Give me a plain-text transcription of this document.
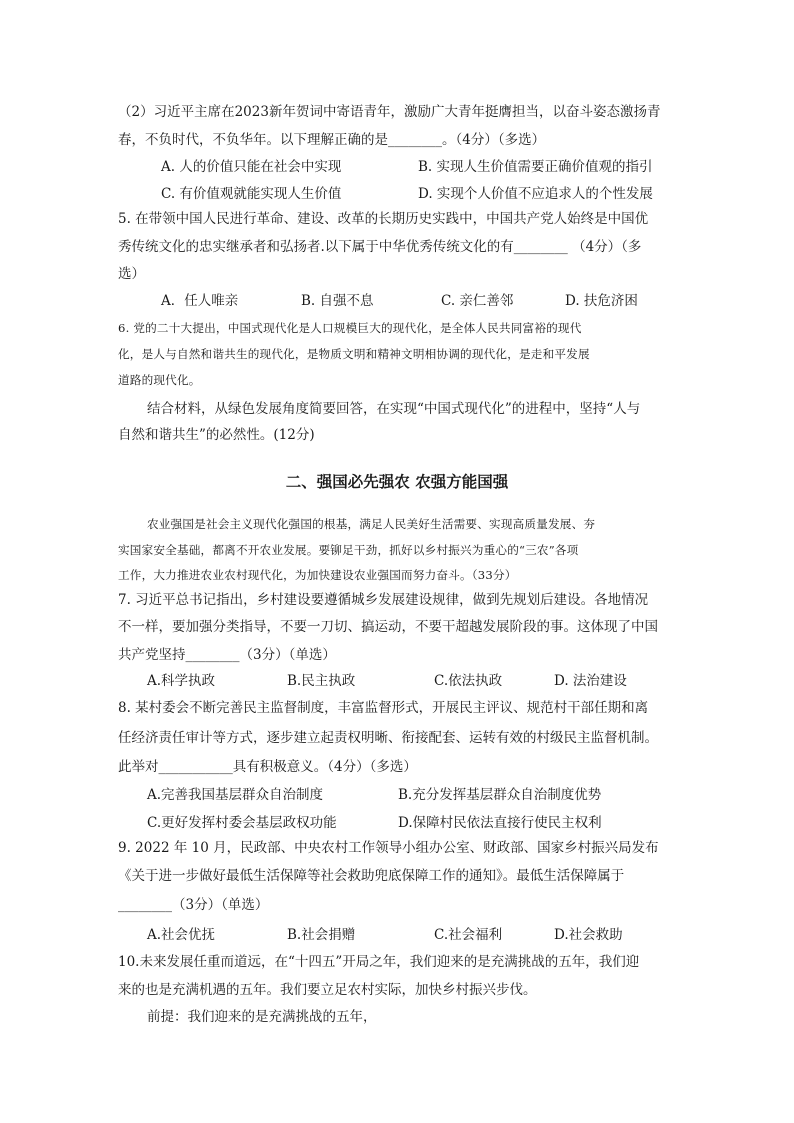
（2）习近平主席在2023新年贺词中寄语青年，激励广大青年挺膺担当，以奋斗姿态激扬青
春，不负时代，不负华年。以下理解正确的是________。（4分）（多选）
A. 人的价值只能在社会中实现	B. 实现人生价值需要正确价值观的指引
C. 有价值观就能实现人生价值	D. 实现个人价值不应追求人的个性发展
5. 在带领中国人民进行革命、建设、改革的长期历史实践中，中国共产党人始终是中国优
秀传统文化的忠实继承者和弘扬者.以下属于中华优秀传统文化的有________ （4分）（多
选）
A．任人唯亲	B. 自强不息	C. 亲仁善邻	D. 扶危济困
6. 党的二十大提出，中国式现代化是人口规模巨大的现代化，是全体人民共同富裕的现代
化，是人与自然和谐共生的现代化，是物质文明和精神文明相协调的现代化，是走和平发展
道路的现代化。
结合材料，从绿色发展角度简要回答，在实现“中国式现代化”的进程中，坚持“人与
自然和谐共生”的必然性。(12分)
二、强国必先强农 农强方能国强
农业强国是社会主义现代化强国的根基，满足人民美好生活需要、实现高质量发展、夯
实国家安全基础，都离不开农业发展。要铆足干劲，抓好以乡村振兴为重心的“三农”各项
工作，大力推进农业农村现代化，为加快建设农业强国而努力奋斗。（33分）
7. 习近平总书记指出，乡村建设要遵循城乡发展建设规律，做到先规划后建设。各地情况
不一样，要加强分类指导，不要一刀切、搞运动，不要干超越发展阶段的事。这体现了中国
共产党坚持________（3分）（单选）
A.科学执政	B.民主执政	C.依法执政	D. 法治建设
8. 某村委会不断完善民主监督制度，丰富监督形式，开展民主评议、规范村干部任期和离
任经济责任审计等方式，逐步建立起责权明晰、衔接配套、运转有效的村级民主监督机制。
此举对___________具有积极意义。（4分）（多选）
A.完善我国基层群众自治制度	B.充分发挥基层群众自治制度优势
C.更好发挥村委会基层政权功能	D.保障村民依法直接行使民主权利
9. 2022 年 10 月，民政部、中央农村工作领导小组办公室、财政部、国家乡村振兴局发布
《关于进一步做好最低生活保障等社会救助兜底保障工作的通知》。最低生活保障属于
________（3分）（单选）
A.社会优抚	B.社会捐赠	C.社会福利	D.社会救助
10.未来发展任重而道远，在“十四五”开局之年，我们迎来的是充满挑战的五年，我们迎
来的也是充满机遇的五年。我们要立足农村实际，加快乡村振兴步伐。
前提：我们迎来的是充满挑战的五年，
